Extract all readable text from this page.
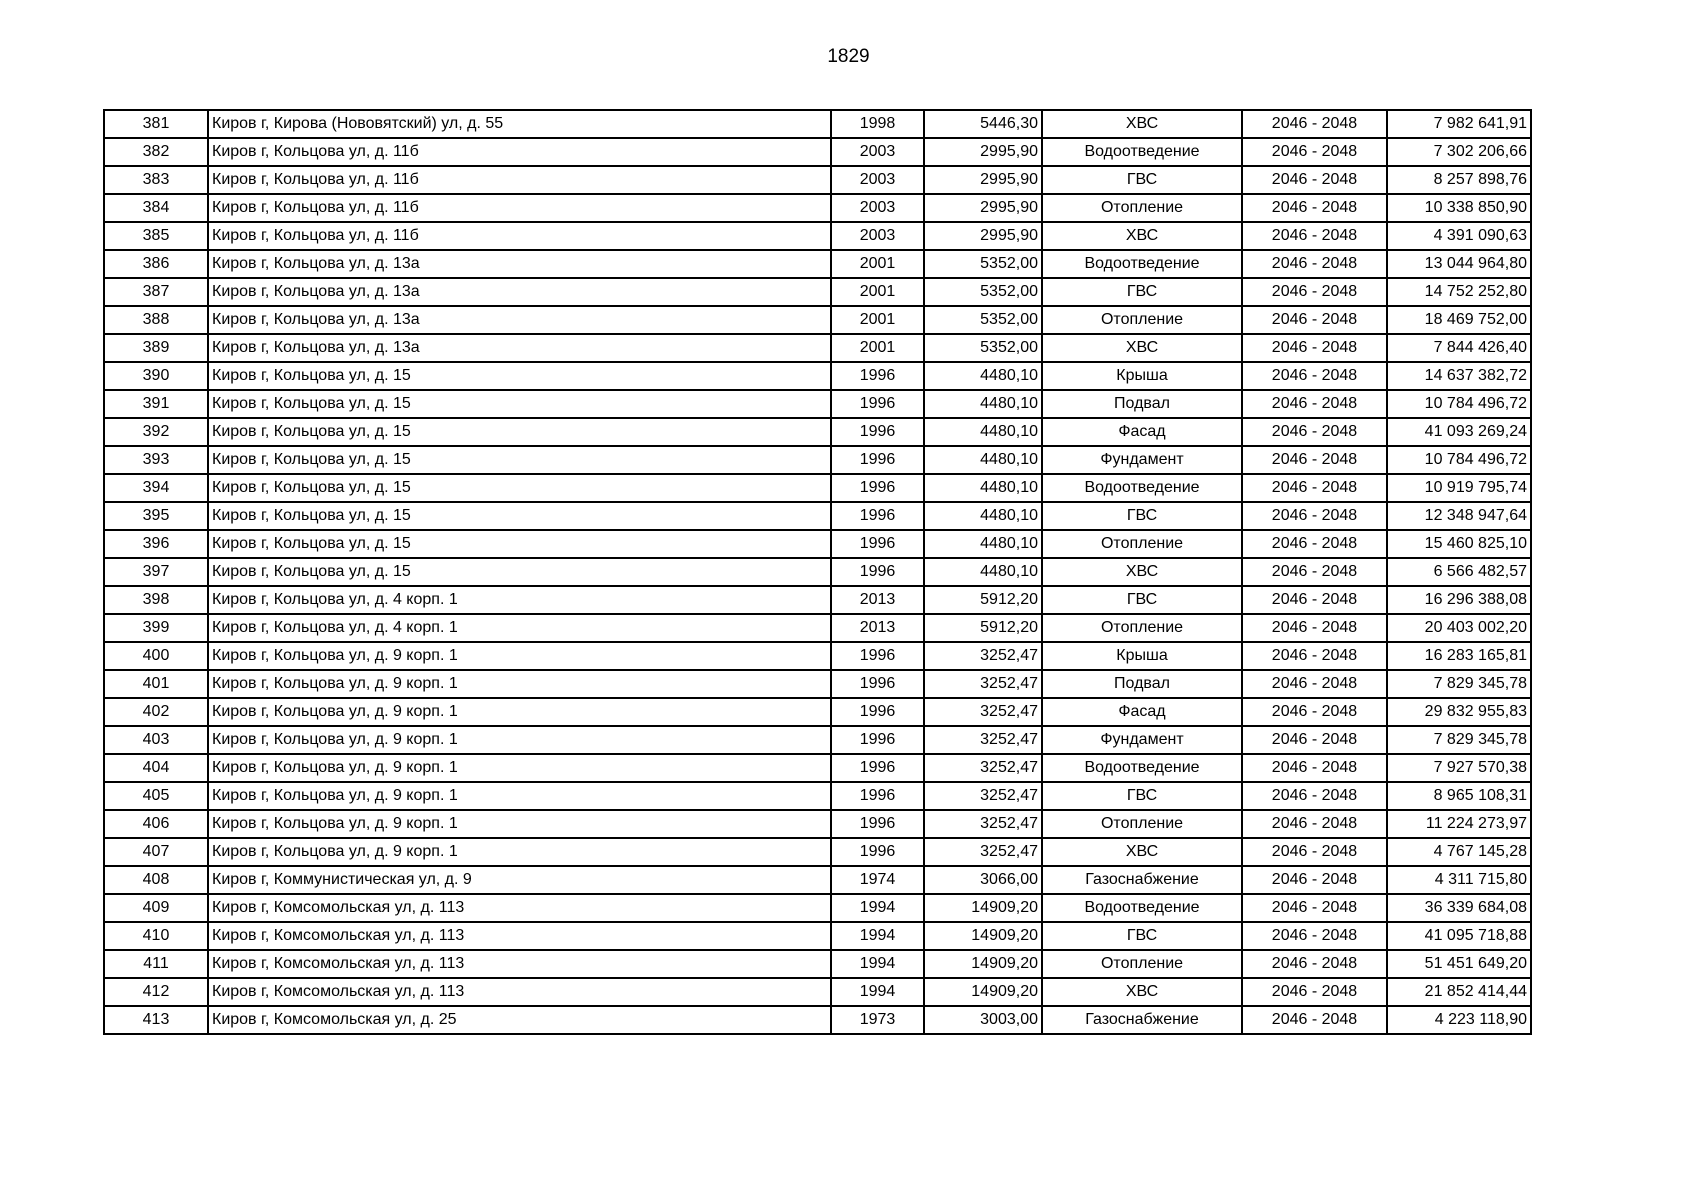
1829
381	Киров г, Кирова (Нововятский) ул, д. 55	1998	5446,30	ХВС	2046 - 2048	7 982 641,91
382	Киров г, Кольцова ул, д. 11б	2003	2995,90	Водоотведение	2046 - 2048	7 302 206,66
383	Киров г, Кольцова ул, д. 11б	2003	2995,90	ГВС	2046 - 2048	8 257 898,76
384	Киров г, Кольцова ул, д. 11б	2003	2995,90	Отопление	2046 - 2048	10 338 850,90
385	Киров г, Кольцова ул, д. 11б	2003	2995,90	ХВС	2046 - 2048	4 391 090,63
386	Киров г, Кольцова ул, д. 13а	2001	5352,00	Водоотведение	2046 - 2048	13 044 964,80
387	Киров г, Кольцова ул, д. 13а	2001	5352,00	ГВС	2046 - 2048	14 752 252,80
388	Киров г, Кольцова ул, д. 13а	2001	5352,00	Отопление	2046 - 2048	18 469 752,00
389	Киров г, Кольцова ул, д. 13а	2001	5352,00	ХВС	2046 - 2048	7 844 426,40
390	Киров г, Кольцова ул, д. 15	1996	4480,10	Крыша	2046 - 2048	14 637 382,72
391	Киров г, Кольцова ул, д. 15	1996	4480,10	Подвал	2046 - 2048	10 784 496,72
392	Киров г, Кольцова ул, д. 15	1996	4480,10	Фасад	2046 - 2048	41 093 269,24
393	Киров г, Кольцова ул, д. 15	1996	4480,10	Фундамент	2046 - 2048	10 784 496,72
394	Киров г, Кольцова ул, д. 15	1996	4480,10	Водоотведение	2046 - 2048	10 919 795,74
395	Киров г, Кольцова ул, д. 15	1996	4480,10	ГВС	2046 - 2048	12 348 947,64
396	Киров г, Кольцова ул, д. 15	1996	4480,10	Отопление	2046 - 2048	15 460 825,10
397	Киров г, Кольцова ул, д. 15	1996	4480,10	ХВС	2046 - 2048	6 566 482,57
398	Киров г, Кольцова ул, д. 4 корп. 1	2013	5912,20	ГВС	2046 - 2048	16 296 388,08
399	Киров г, Кольцова ул, д. 4 корп. 1	2013	5912,20	Отопление	2046 - 2048	20 403 002,20
400	Киров г, Кольцова ул, д. 9 корп. 1	1996	3252,47	Крыша	2046 - 2048	16 283 165,81
401	Киров г, Кольцова ул, д. 9 корп. 1	1996	3252,47	Подвал	2046 - 2048	7 829 345,78
402	Киров г, Кольцова ул, д. 9 корп. 1	1996	3252,47	Фасад	2046 - 2048	29 832 955,83
403	Киров г, Кольцова ул, д. 9 корп. 1	1996	3252,47	Фундамент	2046 - 2048	7 829 345,78
404	Киров г, Кольцова ул, д. 9 корп. 1	1996	3252,47	Водоотведение	2046 - 2048	7 927 570,38
405	Киров г, Кольцова ул, д. 9 корп. 1	1996	3252,47	ГВС	2046 - 2048	8 965 108,31
406	Киров г, Кольцова ул, д. 9 корп. 1	1996	3252,47	Отопление	2046 - 2048	11 224 273,97
407	Киров г, Кольцова ул, д. 9 корп. 1	1996	3252,47	ХВС	2046 - 2048	4 767 145,28
408	Киров г, Коммунистическая ул, д. 9	1974	3066,00	Газоснабжение	2046 - 2048	4 311 715,80
409	Киров г, Комсомольская ул, д. 113	1994	14909,20	Водоотведение	2046 - 2048	36 339 684,08
410	Киров г, Комсомольская ул, д. 113	1994	14909,20	ГВС	2046 - 2048	41 095 718,88
411	Киров г, Комсомольская ул, д. 113	1994	14909,20	Отопление	2046 - 2048	51 451 649,20
412	Киров г, Комсомольская ул, д. 113	1994	14909,20	ХВС	2046 - 2048	21 852 414,44
413	Киров г, Комсомольская ул, д. 25	1973	3003,00	Газоснабжение	2046 - 2048	4 223 118,90
